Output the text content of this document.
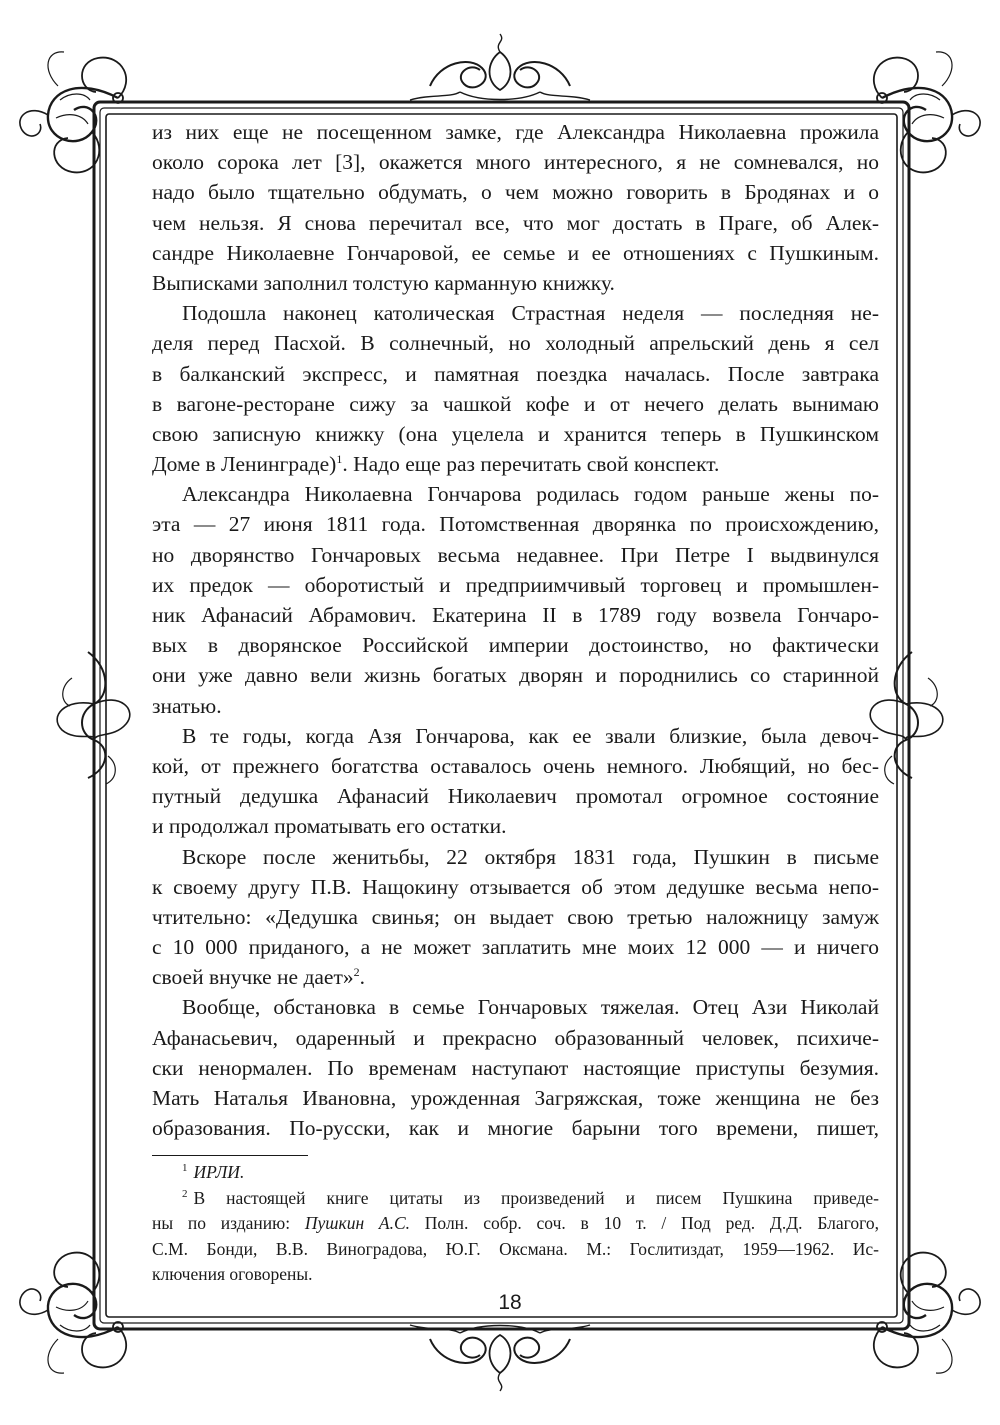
из них еще не посещенном замке, где Александра Николаевна прожила
около сорока лет [3], окажется много интересного, я не сомневался, но
надо было тщательно обдумать, о чем можно говорить в Бродянах и о
чем нельзя. Я снова перечитал все, что мог достать в Праге, об Алек-
сандре Николаевне Гончаровой, ее семье и ее отношениях с Пушкиным.
Выписками заполнил толстую карманную книжку.
Подошла наконец католическая Страстная неделя — последняя не-
деля перед Пасхой. В солнечный, но холодный апрельский день я сел
в балканский экспресс, и памятная поездка началась. После завтрака
в вагоне-ресторане сижу за чашкой кофе и от нечего делать вынимаю
свою записную книжку (она уцелела и хранится теперь в Пушкинском
Доме в Ленинграде)$^1$. Надо еще раз перечитать свой конспект.
Александра Николаевна Гончарова родилась годом раньше жены по-
эта — 27 июня 1811 года. Потомственная дворянка по происхождению,
но дворянство Гончаровых весьма недавнее. При Петре I выдвинулся
их предок — оборотистый и предприимчивый торговец и промышлен-
ник Афанасий Абрамович. Екатерина II в 1789 году возвела Гончаро-
вых в дворянское Российской империи достоинство, но фактически
они уже давно вели жизнь богатых дворян и породнились со старинной
знатью.
В те годы, когда Азя Гончарова, как ее звали близкие, была девоч-
кой, от прежнего богатства оставалось очень немного. Любящий, но бес-
путный дедушка Афанасий Николаевич промотал огромное состояние
и продолжал проматывать его остатки.
Вскоре после женитьбы, 22 октября 1831 года, Пушкин в письме
к своему другу П.В. Нащокину отзывается об этом дедушке весьма непо-
чтительно: «Дедушка свинья; он выдает свою третью наложницу замуж
с 10 000 приданого, а не может заплатить мне моих 12 000 — и ничего
своей внучке не дает»$^2$.
Вообще, обстановка в семье Гончаровых тяжелая. Отец Ази Николай
Афанасьевич, одаренный и прекрасно образованный человек, психиче-
ски ненормален. По временам наступают настоящие приступы безумия.
Мать Наталья Ивановна, урожденная Загряжская, тоже женщина не без
образования. По-русски, как и многие барыни того времени, пишет,
$^1$ ИРЛИ.
$^2$ В настоящей книге цитаты из произведений и писем Пушкина приведе-
ны по изданию: Пушкин А.С. Полн. собр. соч. в 10 т. / Под ред. Д.Д. Благого,
С.М. Бонди, В.В. Виноградова, Ю.Г. Оксмана. М.: Гослитиздат, 1959—1962. Ис-
ключения оговорены.
18
